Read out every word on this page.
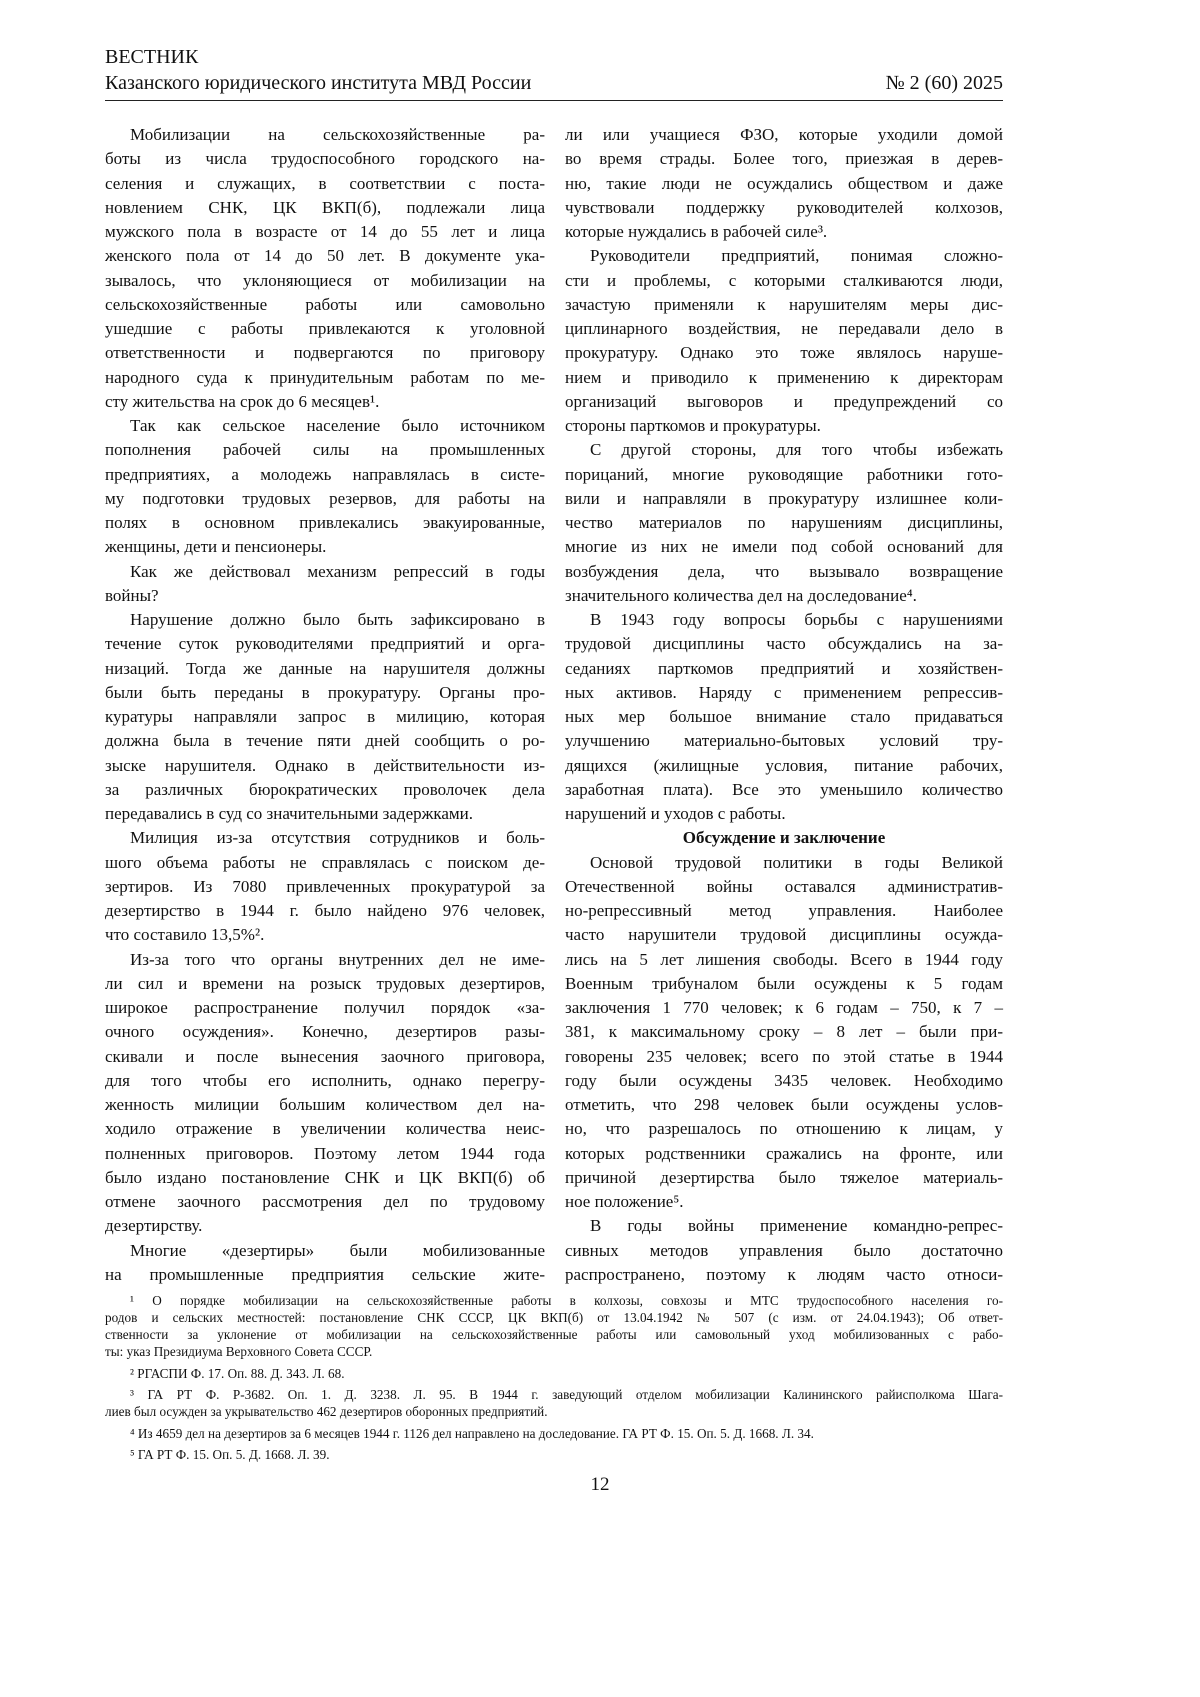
ВЕСТНИК
Казанского юридического института МВД России	№ 2 (60) 2025
Мобилизации на сельскохозяйственные ра-
боты из числа трудоспособного городского на-
селения и служащих, в соответствии с поста-
новлением СНК, ЦК ВКП(б), подлежали лица
мужского пола в возрасте от 14 до 55 лет и лица
женского пола от 14 до 50 лет. В документе ука-
зывалось, что уклоняющиеся от мобилизации на
сельскохозяйственные работы или самовольно
ушедшие с работы привлекаются к уголовной
ответственности и подвергаются по приговору
народного суда к принудительным работам по ме-
сту жительства на срок до 6 месяцев¹.
Так как сельское население было источником
пополнения рабочей силы на промышленных
предприятиях, а молодежь направлялась в систе-
му подготовки трудовых резервов, для работы на
полях в основном привлекались эвакуированные,
женщины, дети и пенсионеры.
Как же действовал механизм репрессий в годы
войны?
Нарушение должно было быть зафиксировано в
течение суток руководителями предприятий и орга-
низаций. Тогда же данные на нарушителя должны
были быть переданы в прокуратуру. Органы про-
куратуры направляли запрос в милицию, которая
должна была в течение пяти дней сообщить о ро-
зыске нарушителя. Однако в действительности из-
за различных бюрократических проволочек дела
передавались в суд со значительными задержками.
Милиция из-за отсутствия сотрудников и боль-
шого объема работы не справлялась с поиском де-
зертиров. Из 7080 привлеченных прокуратурой за
дезертирство в 1944 г. было найдено 976 человек,
что составило 13,5%².
Из-за того что органы внутренних дел не име-
ли сил и времени на розыск трудовых дезертиров,
широкое распространение получил порядок «за-
очного осуждения». Конечно, дезертиров разы-
скивали и после вынесения заочного приговора,
для того чтобы его исполнить, однако перегру-
женность милиции большим количеством дел на-
ходило отражение в увеличении количества неис-
полненных приговоров. Поэтому летом 1944 года
было издано постановление СНК и ЦК ВКП(б) об
отмене заочного рассмотрения дел по трудовому
дезертирству.
Многие «дезертиры» были мобилизованные
на промышленные предприятия сельские жите-
ли или учащиеся ФЗО, которые уходили домой
во время страды. Более того, приезжая в дерев-
ню, такие люди не осуждались обществом и даже
чувствовали поддержку руководителей колхозов,
которые нуждались в рабочей силе³.
Руководители предприятий, понимая сложно-
сти и проблемы, с которыми сталкиваются люди,
зачастую применяли к нарушителям меры дис-
циплинарного воздействия, не передавали дело в
прокуратуру. Однако это тоже являлось наруше-
нием и приводило к применению к директорам
организаций выговоров и предупреждений со
стороны парткомов и прокуратуры.
С другой стороны, для того чтобы избежать
порицаний, многие руководящие работники гото-
вили и направляли в прокуратуру излишнее коли-
чество материалов по нарушениям дисциплины,
многие из них не имели под собой оснований для
возбуждения дела, что вызывало возвращение
значительного количества дел на доследование⁴.
В 1943 году вопросы борьбы с нарушениями
трудовой дисциплины часто обсуждались на за-
седаниях парткомов предприятий и хозяйствен-
ных активов. Наряду с применением репрессив-
ных мер большое внимание стало придаваться
улучшению материально-бытовых условий тру-
дящихся (жилищные условия, питание рабочих,
заработная плата). Все это уменьшило количество
нарушений и уходов с работы.
Обсуждение и заключение
Основой трудовой политики в годы Великой
Отечественной войны оставался административ-
но-репрессивный метод управления. Наиболее
часто нарушители трудовой дисциплины осужда-
лись на 5 лет лишения свободы. Всего в 1944 году
Военным трибуналом были осуждены к 5 годам
заключения 1 770 человек; к 6 годам – 750, к 7 –
381, к максимальному сроку – 8 лет – были при-
говорены 235 человек; всего по этой статье в 1944
году были осуждены 3435 человек. Необходимо
отметить, что 298 человек были осуждены услов-
но, что разрешалось по отношению к лицам, у
которых родственники сражались на фронте, или
причиной дезертирства было тяжелое материаль-
ное положение⁵.
В годы войны применение командно-репрес-
сивных методов управления было достаточно
распространено, поэтому к людям часто относи-
¹ О порядке мобилизации на сельскохозяйственные работы в колхозы, совхозы и МТС трудоспособного населения го-
родов и сельских местностей: постановление СНК СССР, ЦК ВКП(б) от 13.04.1942 № 507 (с изм. от 24.04.1943); Об ответ-
ственности за уклонение от мобилизации на сельскохозяйственные работы или самовольный уход мобилизованных с рабо-
ты: указ Президиума Верховного Совета СССР.
² РГАСПИ Ф. 17. Оп. 88. Д. 343. Л. 68.
³ ГА РТ Ф. Р-3682. Оп. 1. Д. 3238. Л. 95. В 1944 г. заведующий отделом мобилизации Калининского райисполкома Шага-
лиев был осужден за укрывательство 462 дезертиров оборонных предприятий.
⁴ Из 4659 дел на дезертиров за 6 месяцев 1944 г. 1126 дел направлено на доследование. ГА РТ Ф. 15. Оп. 5. Д. 1668. Л. 34.
⁵ ГА РТ Ф. 15. Оп. 5. Д. 1668. Л. 39.
12
